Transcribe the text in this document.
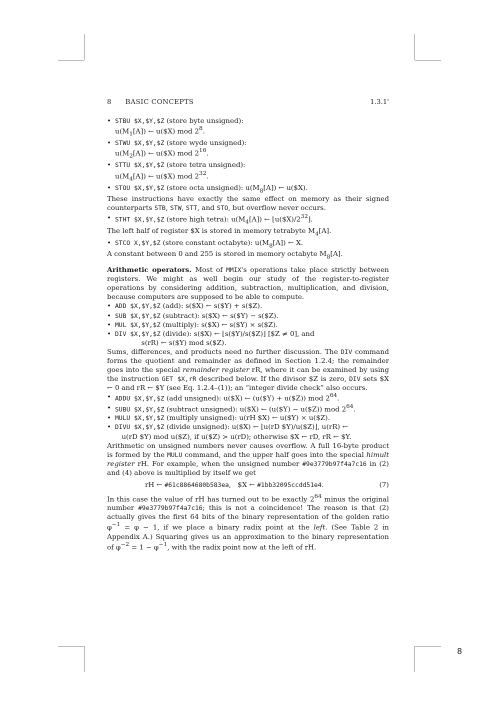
8 BASIC CONCEPTS	1.3.1'
• STBU $X,$Y,$Z (store byte unsigned):
$u(M_1[A])$ ← u($X) mod $2^8$.
• STWU $X,$Y,$Z (store wyde unsigned):
$u(M_2[A])$ ← u($X) mod $2^{16}$.
• STTU $X,$Y,$Z (store tetra unsigned):
$u(M_4[A])$ ← u($X) mod $2^{32}$.
• STOU $X,$Y,$Z (store octa unsigned): $u(M_8[A])$ ← u($X).
These instructions have exactly the same effect on memory as their signed counterparts STB, STW, STT, and STO, but overflow never occurs.
• STHT $X,$Y,$Z (store high tetra): $u(M_4[A])$ ← $⌊u(\$X)/2^{32}⌋$.
The left half of register $X is stored in memory tetrabyte $M_4[A]$.
• STCO X,$Y,$Z (store constant octabyte): $u(M_8[A])$ ← X.
A constant between 0 and 255 is stored in memory octabyte $M_8[A]$.
Arithmetic operators. Most of MMIX's operations take place strictly between registers. We might as well begin our study of the register-to-register operations by considering addition, subtraction, multiplication, and division, because computers are supposed to be able to compute.
• ADD $X,$Y,$Z (add): s($X) ← s($Y) + s($Z).
• SUB $X,$Y,$Z (subtract): s($X) ← s($Y) − s($Z).
• MUL $X,$Y,$Z (multiply): s($X) ← s($Y) × s($Z).
• DIV $X,$Y,$Z (divide): s($X) ← ⌊s($Y)/s($Z)⌋ [$Z ≠ 0], and
s(rR) ← s($Y) mod s($Z).
Sums, differences, and products need no further discussion. The DIV command forms the quotient and remainder as defined in Section 1.2.4; the remainder goes into the special remainder register rR, where it can be examined by using the instruction GET $X,rR described below. If the divisor $Z is zero, DIV sets $X ← 0 and rR ← $Y (see Eq. 1.2.4–(1)); an “integer divide check” also occurs.
• ADDU $X,$Y,$Z (add unsigned): u($X) ← (u($Y) + u($Z)) mod $2^{64}$.
• SUBU $X,$Y,$Z (subtract unsigned): u($X) ← (u($Y) − u($Z)) mod $2^{64}$.
• MULU $X,$Y,$Z (multiply unsigned): u(rH $X) ← u($Y) × u($Z).
• DIVU $X,$Y,$Z (divide unsigned): u($X) ← ⌊u(rD $Y)/u($Z)⌋, u(rR) ←
u(rD $Y) mod u($Z), if u($Z) > u(rD); otherwise $X ← rD, rR ← $Y.
Arithmetic on unsigned numbers never causes overflow. A full 16-byte product is formed by the MULU command, and the upper half goes into the special himult register rH. For example, when the unsigned number #9e3779b97f4a7c16 in (2) and (4) above is multiplied by itself we get
rH ← #61c8864680b583ea,   $X ← #1bb32095ccdd51e4.	(7)
In this case the value of rH has turned out to be exactly $2^{64}$ minus the original number #9e3779b97f4a7c16; this is not a coincidence! The reason is that (2) actually gives the first 64 bits of the binary representation of the golden ratio $\varphi^{-1} = \varphi - 1$, if we place a binary radix point at the left. (See Table 2 in Appendix A.) Squaring gives us an approximation to the binary representation of $\varphi^{-2} = 1 - \varphi^{-1}$, with the radix point now at the left of rH.
8
